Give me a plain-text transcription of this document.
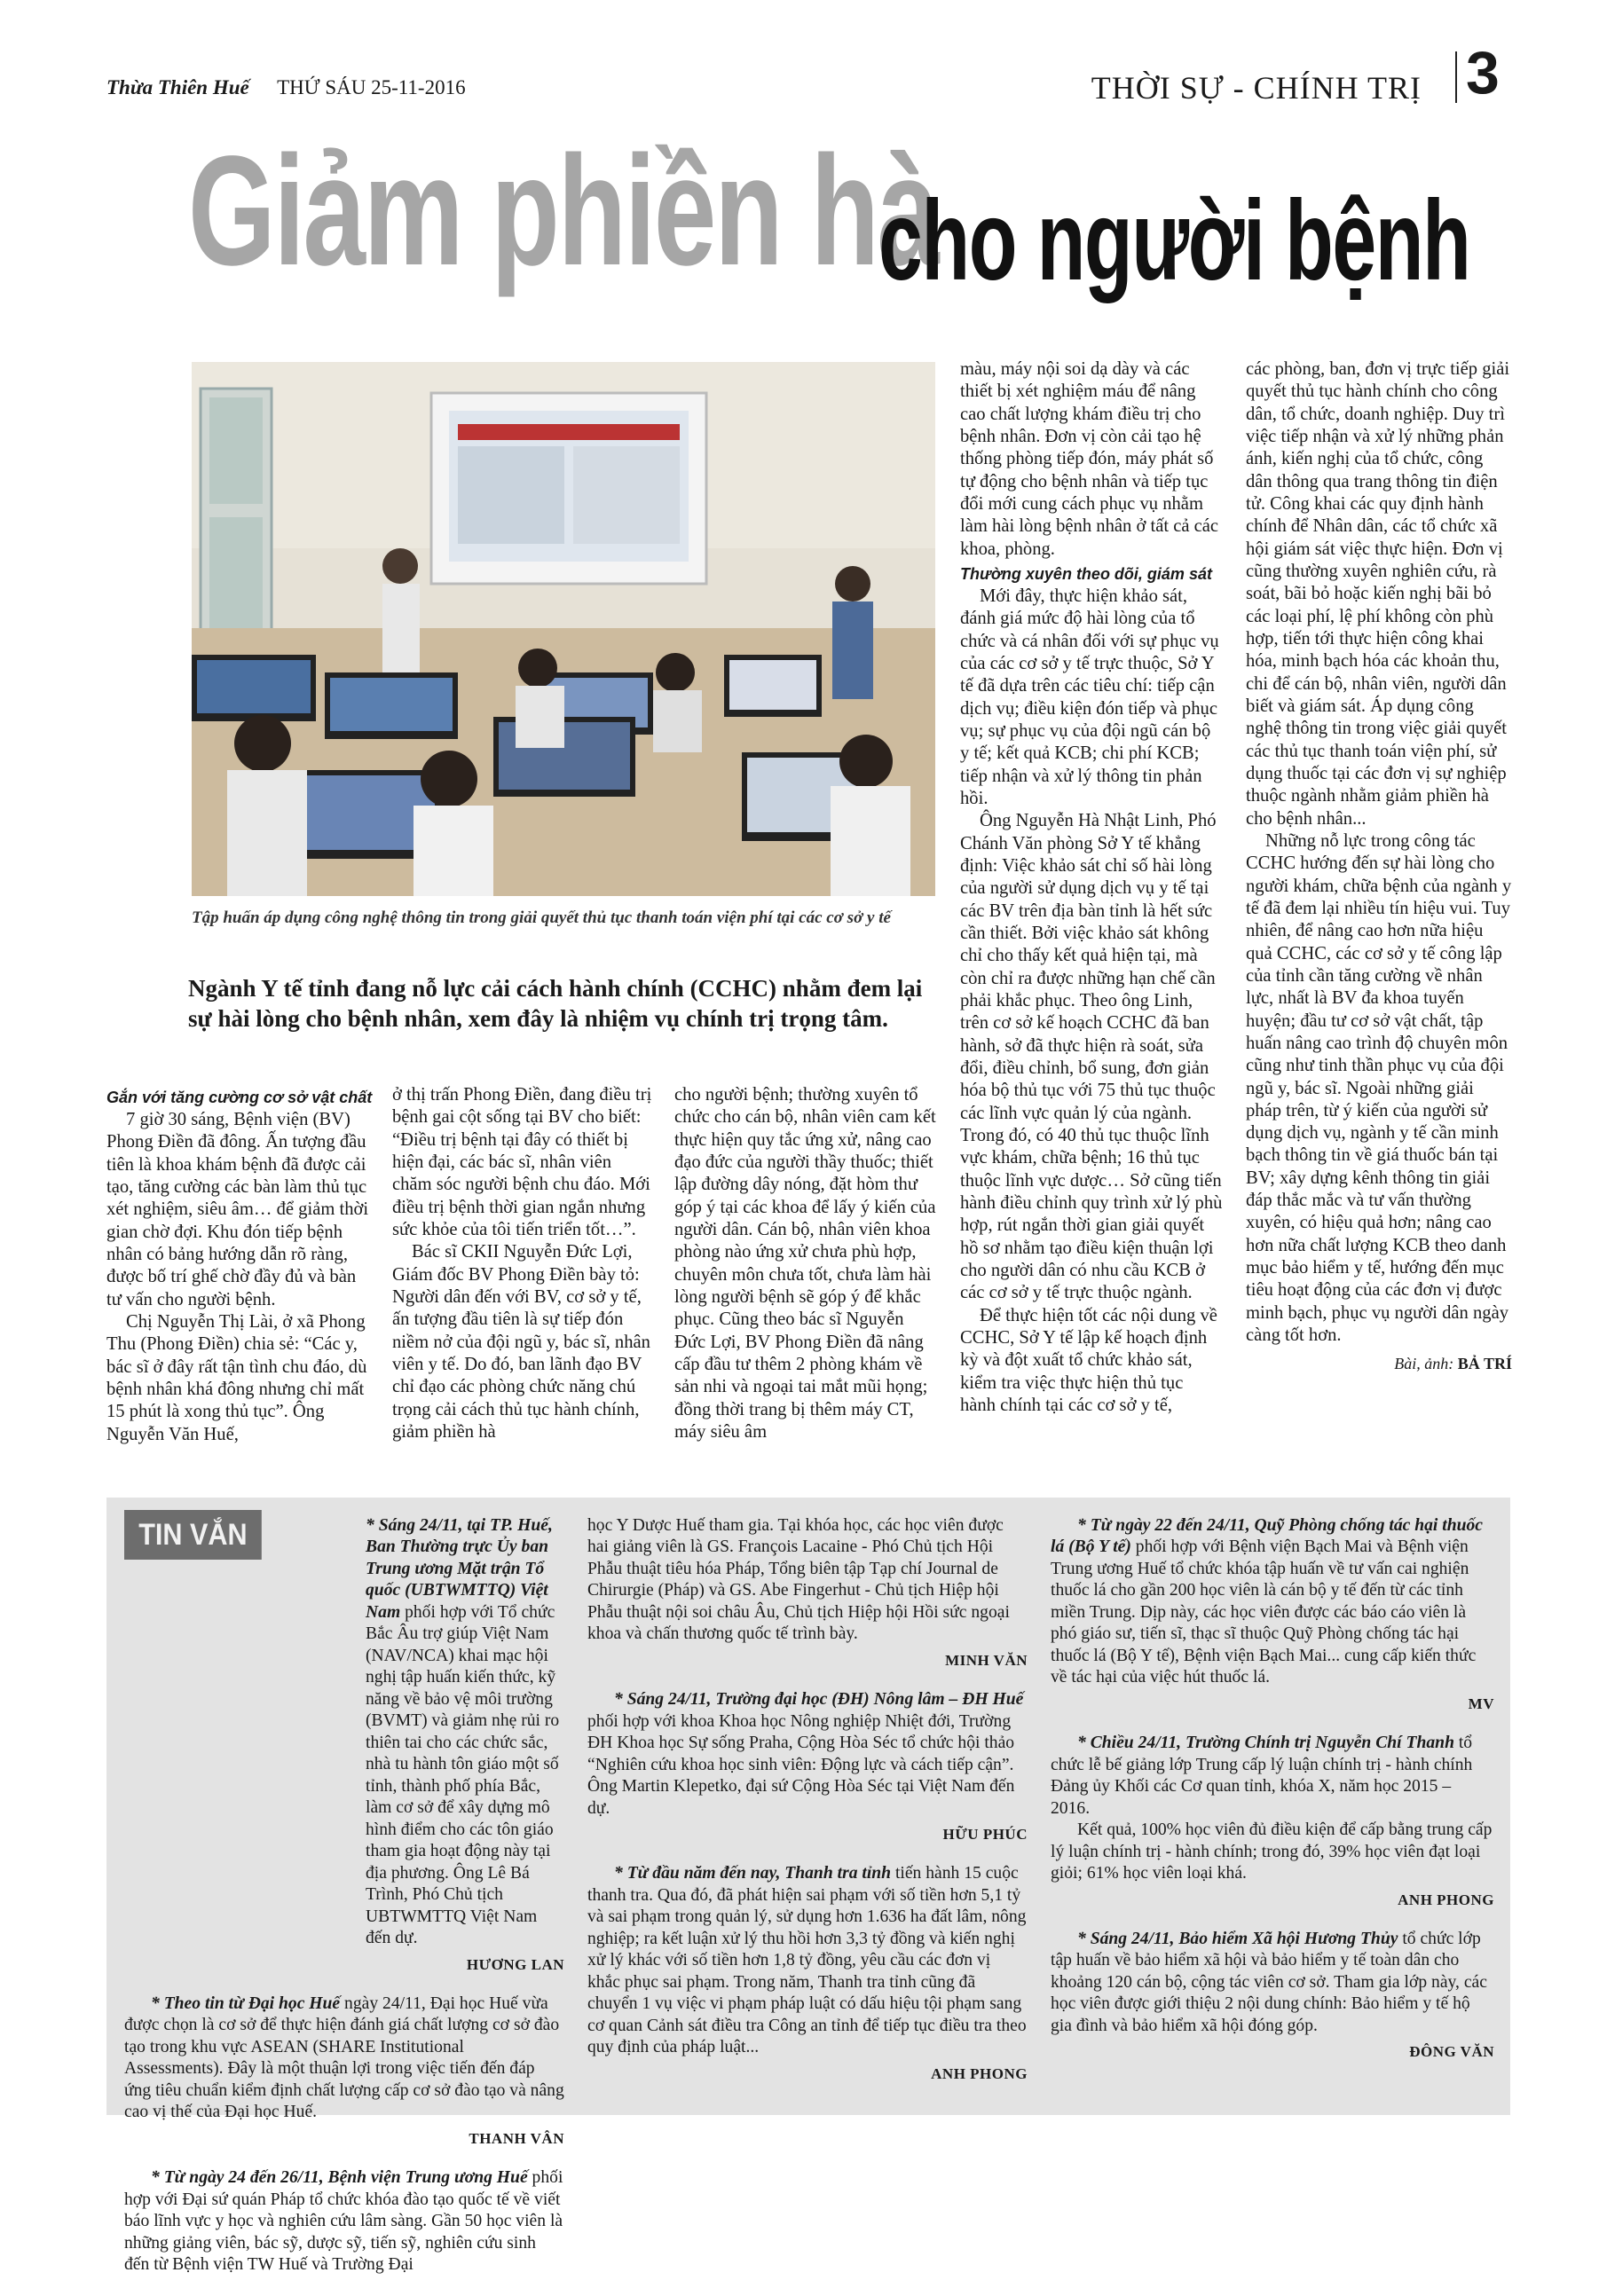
Thừa Thiên Huế THỨ SÁU 25-11-2016	THỜI SỰ - CHÍNH TRỊ 3
Giảm phiền hà
cho người bệnh
Tập huấn áp dụng công nghệ thông tin trong giải quyết thủ tục thanh toán viện phí tại các cơ sở y tế
Ngành Y tế tỉnh đang nỗ lực cải cách hành chính (CCHC) nhằm đem lại sự hài lòng cho bệnh nhân, xem đây là nhiệm vụ chính trị trọng tâm.
Gắn với tăng cường cơ sở vật chất

7 giờ 30 sáng, Bệnh viện (BV) Phong Điền đã đông. Ấn tượng đầu tiên là khoa khám bệnh đã được cải tạo, tăng cường các bàn làm thủ tục xét nghiệm, siêu âm… để giảm thời gian chờ đợi. Khu đón tiếp bệnh nhân có bảng hướng dẫn rõ ràng, được bố trí ghế chờ đầy đủ và bàn tư vấn cho người bệnh.

Chị Nguyễn Thị Lài, ở xã Phong Thu (Phong Điền) chia sẻ: “Các y, bác sĩ ở đây rất tận tình chu đáo, dù bệnh nhân khá đông nhưng chỉ mất 15 phút là xong thủ tục”. Ông Nguyễn Văn Huế,

ở thị trấn Phong Điền, đang điều trị bệnh gai cột sống tại BV cho biết: “Điều trị bệnh tại đây có thiết bị hiện đại, các bác sĩ, nhân viên chăm sóc người bệnh chu đáo. Mới điều trị bệnh thời gian ngắn nhưng sức khỏe của tôi tiến triển tốt…”.

Bác sĩ CKII Nguyễn Đức Lợi, Giám đốc BV Phong Điền bày tỏ: Người dân đến với BV, cơ sở y tế, ấn tượng đầu tiên là sự tiếp đón niềm nở của đội ngũ y, bác sĩ, nhân viên y tế. Do đó, ban lãnh đạo BV chỉ đạo các phòng chức năng chú trọng cải cách thủ tục hành chính, giảm phiền hà

cho người bệnh; thường xuyên tổ chức cho cán bộ, nhân viên cam kết thực hiện quy tắc ứng xử, nâng cao đạo đức của người thầy thuốc; thiết lập đường dây nóng, đặt hòm thư góp ý tại các khoa để lấy ý kiến của người dân. Cán bộ, nhân viên khoa phòng nào ứng xử chưa phù hợp, chuyên môn chưa tốt, chưa làm hài lòng người bệnh sẽ góp ý để khắc phục. Cũng theo bác sĩ Nguyễn Đức Lợi, BV Phong Điền đã nâng cấp đầu tư thêm 2 phòng khám về sản nhi và ngoại tai mắt mũi họng; đồng thời trang bị thêm máy CT, máy siêu âm

màu, máy nội soi dạ dày và các thiết bị xét nghiệm máu để nâng cao chất lượng khám điều trị cho bệnh nhân. Đơn vị còn cải tạo hệ thống phòng tiếp đón, máy phát số tự động cho bệnh nhân và tiếp tục đổi mới cung cách phục vụ nhằm làm hài lòng bệnh nhân ở tất cả các khoa, phòng.

Thường xuyên theo dõi, giám sát

Mới đây, thực hiện khảo sát, đánh giá mức độ hài lòng của tổ chức và cá nhân đối với sự phục vụ của các cơ sở y tế trực thuộc, Sở Y tế đã dựa trên các tiêu chí: tiếp cận dịch vụ; điều kiện đón tiếp và phục vụ; sự phục vụ của đội ngũ cán bộ y tế; kết quả KCB; chi phí KCB; tiếp nhận và xử lý thông tin phản hồi.

Ông Nguyễn Hà Nhật Linh, Phó Chánh Văn phòng Sở Y tế khẳng định: Việc khảo sát chỉ số hài lòng của người sử dụng dịch vụ y tế tại các BV trên địa bàn tỉnh là hết sức cần thiết. Bởi việc khảo sát không chỉ cho thấy kết quả hiện tại, mà còn chỉ ra được những hạn chế cần phải khắc phục. Theo ông Linh, trên cơ sở kế hoạch CCHC đã ban hành, sở đã thực hiện rà soát, sửa đổi, điều chỉnh, bổ sung, đơn giản hóa bộ thủ tục với 75 thủ tục thuộc các lĩnh vực quản lý của ngành. Trong đó, có 40 thủ tục thuộc lĩnh vực khám, chữa bệnh; 16 thủ tục thuộc lĩnh vực dược… Sở cũng tiến hành điều chỉnh quy trình xử lý phù hợp, rút ngắn thời gian giải quyết hồ sơ nhằm tạo điều kiện thuận lợi cho người dân có nhu cầu KCB ở các cơ sở y tế trực thuộc ngành.

Để thực hiện tốt các nội dung về CCHC, Sở Y tế lập kế hoạch định kỳ và đột xuất tổ chức khảo sát, kiểm tra việc thực hiện thủ tục hành chính tại các cơ sở y tế,

các phòng, ban, đơn vị trực tiếp giải quyết thủ tục hành chính cho công dân, tổ chức, doanh nghiệp. Duy trì việc tiếp nhận và xử lý những phản ánh, kiến nghị của tổ chức, công dân thông qua trang thông tin điện tử. Công khai các quy định hành chính để Nhân dân, các tổ chức xã hội giám sát việc thực hiện. Đơn vị cũng thường xuyên nghiên cứu, rà soát, bãi bỏ hoặc kiến nghị bãi bỏ các loại phí, lệ phí không còn phù hợp, tiến tới thực hiện công khai hóa, minh bạch hóa các khoản thu, chi để cán bộ, nhân viên, người dân biết và giám sát. Áp dụng công nghệ thông tin trong việc giải quyết các thủ tục thanh toán viện phí, sử dụng thuốc tại các đơn vị sự nghiệp thuộc ngành nhằm giảm phiền hà cho bệnh nhân...

Những nỗ lực trong công tác CCHC hướng đến sự hài lòng cho người khám, chữa bệnh của ngành y tế đã đem lại nhiều tín hiệu vui. Tuy nhiên, để nâng cao hơn nữa hiệu quả CCHC, các cơ sở y tế công lập của tỉnh cần tăng cường về nhân lực, nhất là BV đa khoa tuyến huyện; đầu tư cơ sở vật chất, tập huấn nâng cao trình độ chuyên môn cũng như tinh thần phục vụ của đội ngũ y, bác sĩ. Ngoài những giải pháp trên, từ ý kiến của người sử dụng dịch vụ, ngành y tế cần minh bạch thông tin về giá thuốc bán tại BV; xây dựng kênh thông tin giải đáp thắc mắc và tư vấn thường xuyên, có hiệu quả hơn; nâng cao hơn nữa chất lượng KCB theo danh mục bảo hiểm y tế, hướng đến mục tiêu hoạt động của các đơn vị được minh bạch, phục vụ người dân ngày càng tốt hơn.

Bài, ảnh: BẢ TRÍ
TIN VẮN	* Sáng 24/11, tại TP. Huế, Ban Thường trực Ủy ban Trung ương Mặt trận Tổ quốc (UBTWMTTQ) Việt Nam phối hợp với Tổ chức Bắc Âu trợ giúp Việt Nam (NAV/NCA) khai mạc hội nghị tập huấn kiến thức, kỹ năng về bảo vệ môi trường (BVMT) và giảm nhẹ rủi ro thiên tai cho các chức sắc, nhà tu hành tôn giáo một số tỉnh, thành phố phía Bắc, làm cơ sở để xây dựng mô hình điểm cho các tôn giáo tham gia hoạt động này tại địa phương. Ông Lê Bá Trình, Phó Chủ tịch UBTWMTTQ Việt Nam đến dự.

HƯƠNG LAN

* Theo tin từ Đại học Huế ngày 24/11, Đại học Huế vừa được chọn là cơ sở để thực hiện đánh giá chất lượng cơ sở đào tạo trong khu vực ASEAN (SHARE Institutional Assessments). Đây là một thuận lợi trong việc tiến đến đáp ứng tiêu chuẩn kiểm định chất lượng cấp cơ sở đào tạo và nâng cao vị thế của Đại học Huế.

THANH VÂN

* Từ ngày 24 đến 26/11, Bệnh viện Trung ương Huế phối hợp với Đại sứ quán Pháp tổ chức khóa đào tạo quốc tế về viết báo lĩnh vực y học và nghiên cứu lâm sàng. Gần 50 học viên là những giảng viên, bác sỹ, dược sỹ, tiến sỹ, nghiên cứu sinh đến từ Bệnh viện TW Huế và Trường Đại

học Y Dược Huế tham gia. Tại khóa học, các học viên được hai giảng viên là GS. François Lacaine - Phó Chủ tịch Hội Phẫu thuật tiêu hóa Pháp, Tổng biên tập Tạp chí Journal de Chirurgie (Pháp) và GS. Abe Fingerhut - Chủ tịch Hiệp hội Phẫu thuật nội soi châu Âu, Chủ tịch Hiệp hội Hồi sức ngoại khoa và chấn thương quốc tế trình bày.

MINH VĂN

* Sáng 24/11, Trường đại học (ĐH) Nông lâm – ĐH Huế phối hợp với khoa Khoa học Nông nghiệp Nhiệt đới, Trường ĐH Khoa học Sự sống Praha, Cộng Hòa Séc tổ chức hội thảo “Nghiên cứu khoa học sinh viên: Động lực và cách tiếp cận”. Ông Martin Klepetko, đại sứ Cộng Hòa Séc tại Việt Nam đến dự.

HỮU PHÚC

* Từ đầu năm đến nay, Thanh tra tỉnh tiến hành 15 cuộc thanh tra. Qua đó, đã phát hiện sai phạm với số tiền hơn 5,1 tỷ và sai phạm trong quản lý, sử dụng hơn 1.636 ha đất lâm, nông nghiệp; ra kết luận xử lý thu hồi hơn 3,3 tỷ đồng và kiến nghị xử lý khác với số tiền hơn 1,8 tỷ đồng, yêu cầu các đơn vị khắc phục sai phạm. Trong năm, Thanh tra tỉnh cũng đã chuyển 1 vụ việc vi phạm pháp luật có dấu hiệu tội phạm sang cơ quan Cảnh sát điều tra Công an tỉnh để tiếp tục điều tra theo quy định của pháp luật...

ANH PHONG

* Từ ngày 22 đến 24/11, Quỹ Phòng chống tác hại thuốc lá (Bộ Y tế) phối hợp với Bệnh viện Bạch Mai và Bệnh viện Trung ương Huế tổ chức khóa tập huấn về tư vấn cai nghiện thuốc lá cho gần 200 học viên là cán bộ y tế đến từ các tỉnh miền Trung. Dịp này, các học viên được các báo cáo viên là phó giáo sư, tiến sĩ, thạc sĩ thuộc Quỹ Phòng chống tác hại thuốc lá (Bộ Y tế), Bệnh viện Bạch Mai... cung cấp kiến thức về tác hại của việc hút thuốc lá.

MV

* Chiều 24/11, Trường Chính trị Nguyễn Chí Thanh tổ chức lễ bế giảng lớp Trung cấp lý luận chính trị - hành chính Đảng ủy Khối các Cơ quan tỉnh, khóa X, năm học 2015 – 2016.

Kết quả, 100% học viên đủ điều kiện để cấp bằng trung cấp lý luận chính trị - hành chính; trong đó, 39% học viên đạt loại giỏi; 61% học viên loại khá.

ANH PHONG

* Sáng 24/11, Bảo hiểm Xã hội Hương Thủy tổ chức lớp tập huấn về bảo hiểm xã hội và bảo hiểm y tế toàn dân cho khoảng 120 cán bộ, cộng tác viên cơ sở. Tham gia lớp này, các học viên được giới thiệu 2 nội dung chính: Bảo hiểm y tế hộ gia đình và bảo hiểm xã hội đóng góp.

ĐÔNG VĂN
